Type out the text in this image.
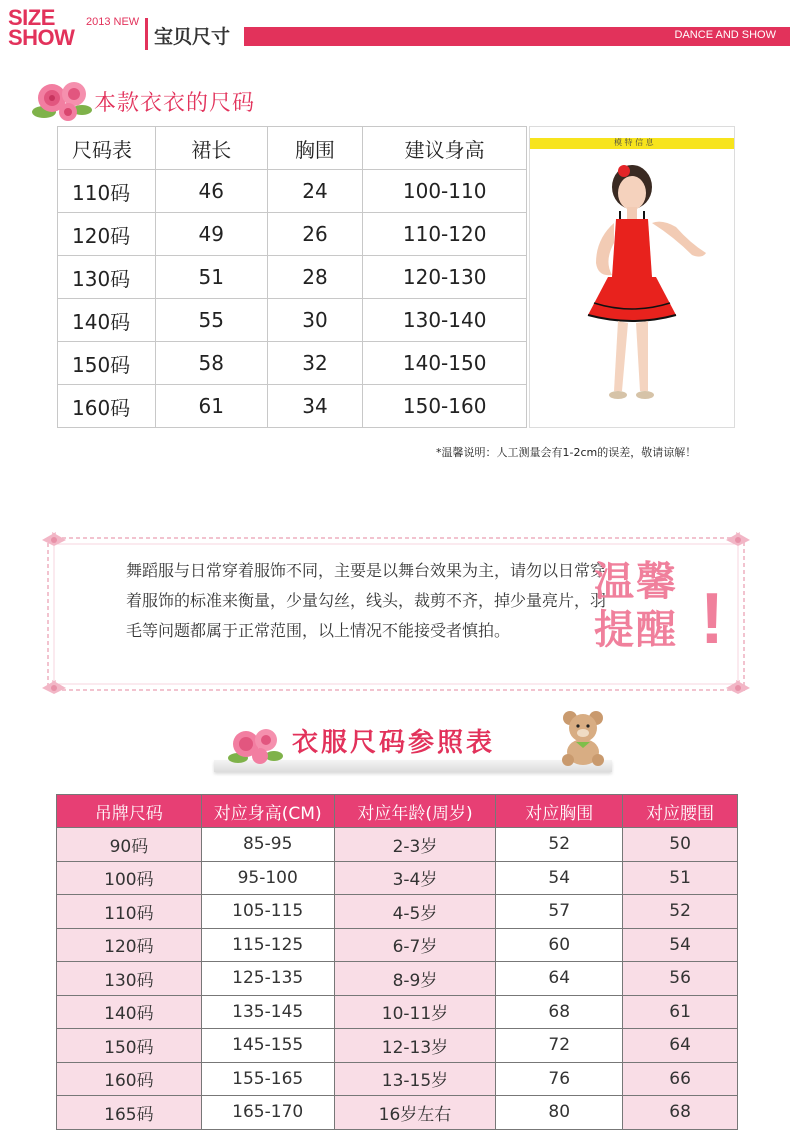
SIZE
SHOW
2013 NEW
宝贝尺寸	DANCE AND SHOW
本款衣衣的尺码
尺码表	裙长	胸围	建议身高
110码	46	24	100-110
120码	49	26	110-120
130码	51	28	120-130
140码	55	30	130-140
150码	58	32	140-150
160码	61	34	150-160
模 特 信 息
*温馨说明：人工测量会有1-2cm的误差，敬请谅解！
舞蹈服与日常穿着服饰不同，主要是以舞台效果为主，请勿以日常穿着服饰的标准来衡量，少量勾丝，线头，裁剪不齐，掉少量亮片，羽毛等问题都属于正常范围，以上情况不能接受者慎拍。
温馨
提醒 !
衣服尺码参照表
吊牌尺码	对应身高(CM)	对应年龄(周岁)	对应胸围	对应腰围
90码	85-95	2-3岁	52	50
100码	95-100	3-4岁	54	51
110码	105-115	4-5岁	57	52
120码	115-125	6-7岁	60	54
130码	125-135	8-9岁	64	56
140码	135-145	10-11岁	68	61
150码	145-155	12-13岁	72	64
160码	155-165	13-15岁	76	66
165码	165-170	16岁左右	80	68
